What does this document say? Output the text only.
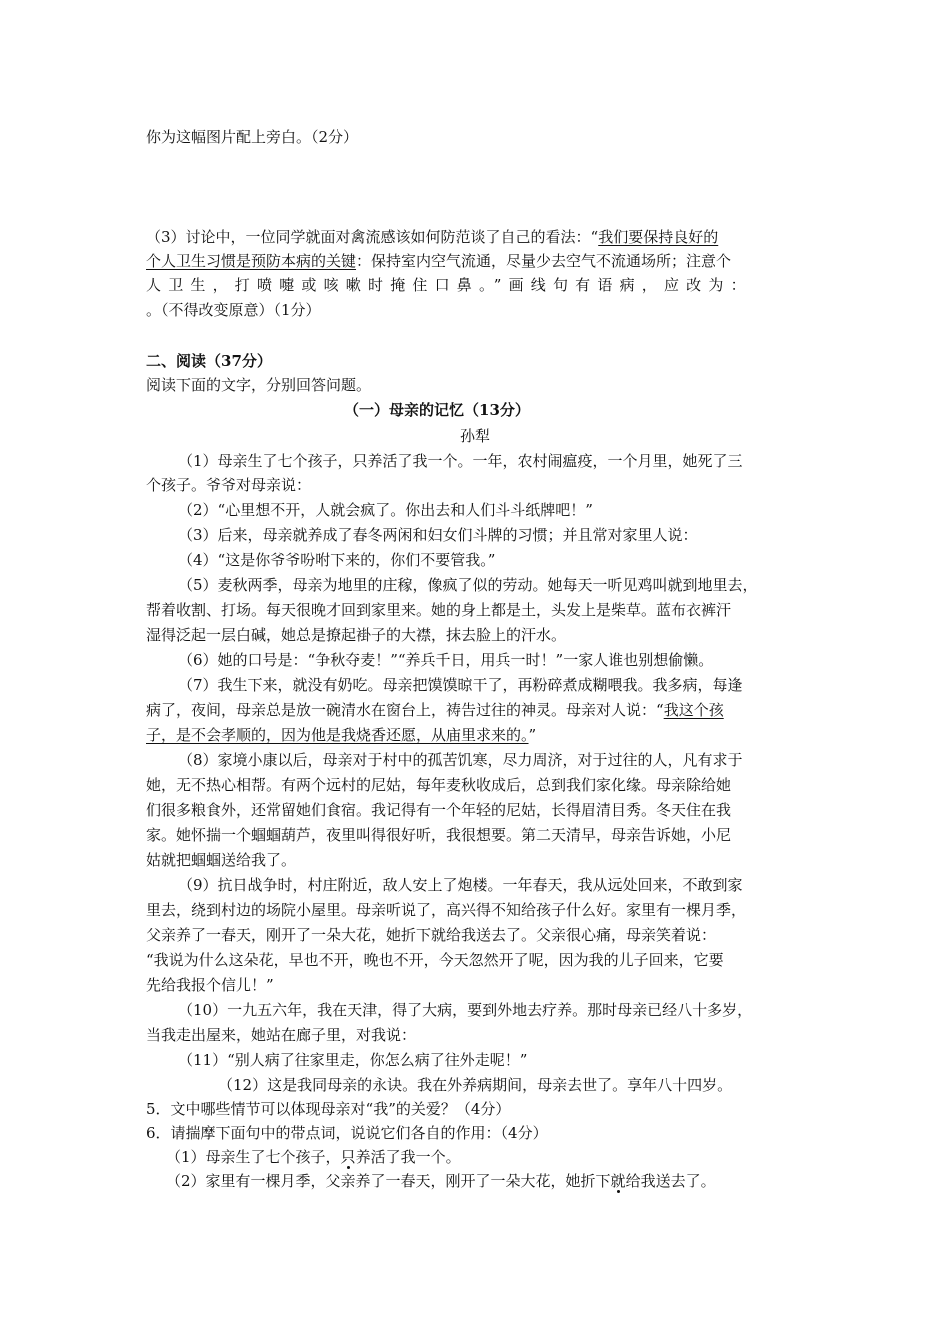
你为这幅图片配上旁白。（2分）
（3）讨论中，一位同学就面对禽流感该如何防范谈了自己的看法：“我们要保持良好的
个人卫生习惯是预防本病的关键：保持室内空气流通，尽量少去空气不流通场所；注意个
人卫生，打喷嚏或咳嗽时掩住口鼻。”画线句有语病，应改为：
。（不得改变原意）（1分）
二、阅读（37分）
阅读下面的文字，分别回答问题。
（一）母亲的记忆（13分）
孙犁
（1）母亲生了七个孩子，只养活了我一个。一年，农村闹瘟疫，一个月里，她死了三
个孩子。爷爷对母亲说：
（2）“心里想不开，人就会疯了。你出去和人们斗斗纸牌吧！”
（3）后来，母亲就养成了春冬两闲和妇女们斗牌的习惯；并且常对家里人说：
（4）“这是你爷爷吩咐下来的，你们不要管我。”
（5）麦秋两季，母亲为地里的庄稼，像疯了似的劳动。她每天一听见鸡叫就到地里去，
帮着收割、打场。每天很晚才回到家里来。她的身上都是土，头发上是柴草。蓝布衣裤汗
湿得泛起一层白碱，她总是撩起褂子的大襟，抹去脸上的汗水。
（6）她的口号是：“争秋夺麦！”“养兵千日，用兵一时！”一家人谁也别想偷懒。
（7）我生下来，就没有奶吃。母亲把馍馍晾干了，再粉碎煮成糊喂我。我多病，每逢
病了，夜间，母亲总是放一碗清水在窗台上，祷告过往的神灵。母亲对人说：“我这个孩
子，是不会孝顺的，因为他是我烧香还愿，从庙里求来的。”
（8）家境小康以后，母亲对于村中的孤苦饥寒，尽力周济，对于过往的人，凡有求于
她，无不热心相帮。有两个远村的尼姑，每年麦秋收成后，总到我们家化缘。母亲除给她
们很多粮食外，还常留她们食宿。我记得有一个年轻的尼姑，长得眉清目秀。冬天住在我
家。她怀揣一个蝈蝈葫芦，夜里叫得很好听，我很想要。第二天清早，母亲告诉她，小尼
姑就把蝈蝈送给我了。
（9）抗日战争时，村庄附近，敌人安上了炮楼。一年春天，我从远处回来，不敢到家
里去，绕到村边的场院小屋里。母亲听说了，高兴得不知给孩子什么好。家里有一棵月季，
父亲养了一春天，刚开了一朵大花，她折下就给我送去了。父亲很心痛，母亲笑着说：
“我说为什么这朵花，早也不开，晚也不开，今天忽然开了呢，因为我的儿子回来，它要
先给我报个信儿！”
（10）一九五六年，我在天津，得了大病，要到外地去疗养。那时母亲已经八十多岁，
当我走出屋来，她站在廊子里，对我说：
（11）“别人病了往家里走，你怎么病了往外走呢！”
（12）这是我同母亲的永诀。我在外养病期间，母亲去世了。享年八十四岁。
5．文中哪些情节可以体现母亲对“我”的关爱？（4分）
6．请揣摩下面句中的带点词，说说它们各自的作用：（4分）
（1）母亲生了七个孩子，只养活了我一个。
（2）家里有一棵月季，父亲养了一春天，刚开了一朵大花，她折下就给我送去了。
